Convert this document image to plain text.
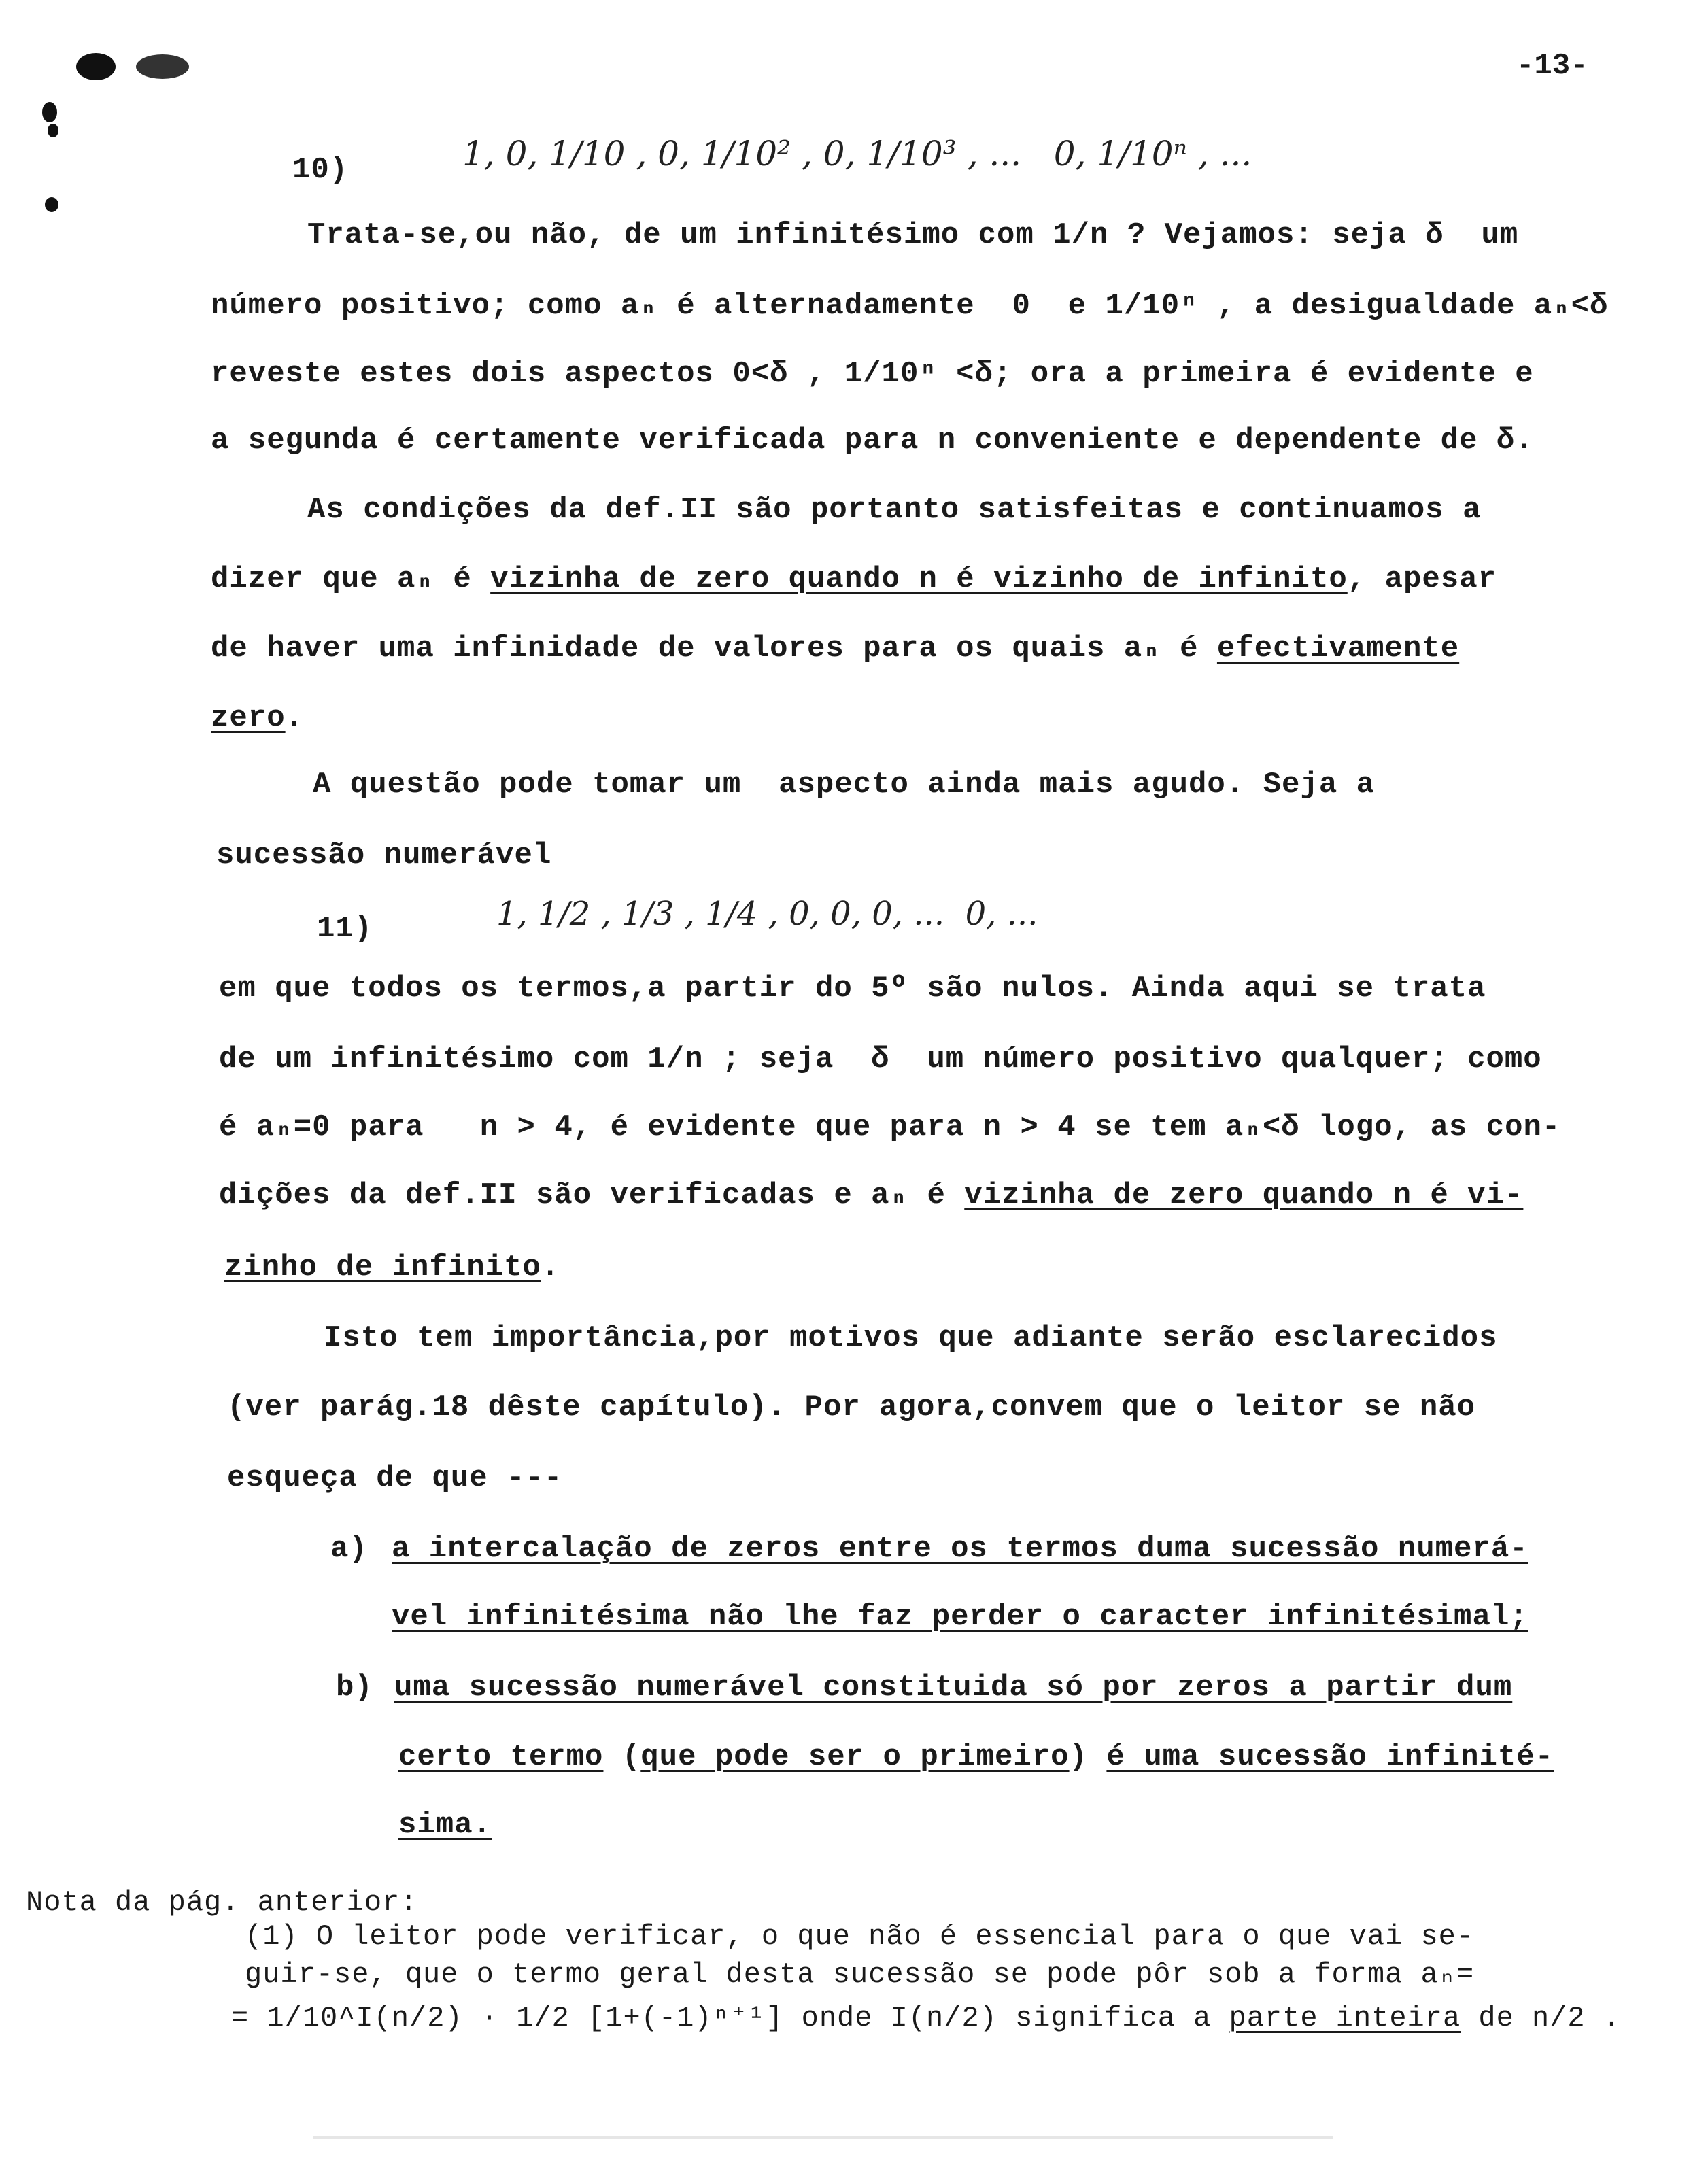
-13-
10)	1, 0, 1/10 , 0, 1/10² , 0, 1/10³ , ...   0, 1/10ⁿ , ...
Trata-se,ou não, de um infinitésimo com 1/n ? Vejamos: seja δ  um
número positivo; como aₙ é alternadamente  0  e 1/10ⁿ , a desigualdade aₙ<δ
reveste estes dois aspectos 0<δ , 1/10ⁿ <δ; ora a primeira é evidente e
a segunda é certamente verificada para n conveniente e dependente de δ.
As condições da def.II são portanto satisfeitas e continuamos a
dizer que aₙ é vizinha de zero quando n é vizinho de infinito, apesar
de haver uma infinidade de valores para os quais aₙ é efectivamente
zero.
A questão pode tomar um  aspecto ainda mais agudo. Seja a
sucessão numerável
11)	1, 1/2 , 1/3 , 1/4 , 0, 0, 0, ...  0, ...
em que todos os termos,a partir do 5º são nulos. Ainda aqui se trata
de um infinitésimo com 1/n ; seja  δ  um número positivo qualquer; como
é aₙ=0 para   n > 4, é evidente que para n > 4 se tem aₙ<δ logo, as con-
dições da def.II são verificadas e aₙ é vizinha de zero quando n é vi-
zinho de infinito.
Isto tem importância,por motivos que adiante serão esclarecidos
(ver parág.18 dêste capítulo). Por agora,convem que o leitor se não
esqueça de que ---
a) a intercalação de zeros entre os termos duma sucessão numerá-
vel infinitésima não lhe faz perder o caracter infinitésimal;
b) uma sucessão numerável constituida só por zeros a partir dum
certo termo (que pode ser o primeiro) é uma sucessão infinité-
sima.
Nota da pág. anterior:
(1) O leitor pode verificar, o que não é essencial para o que vai se-
guir-se, que o termo geral desta sucessão se pode pôr sob a forma aₙ=
= 1/10^I(n/2) · 1/2 [1+(-1)ⁿ⁺¹] onde I(n/2) significa a parte inteira de n/2 .
